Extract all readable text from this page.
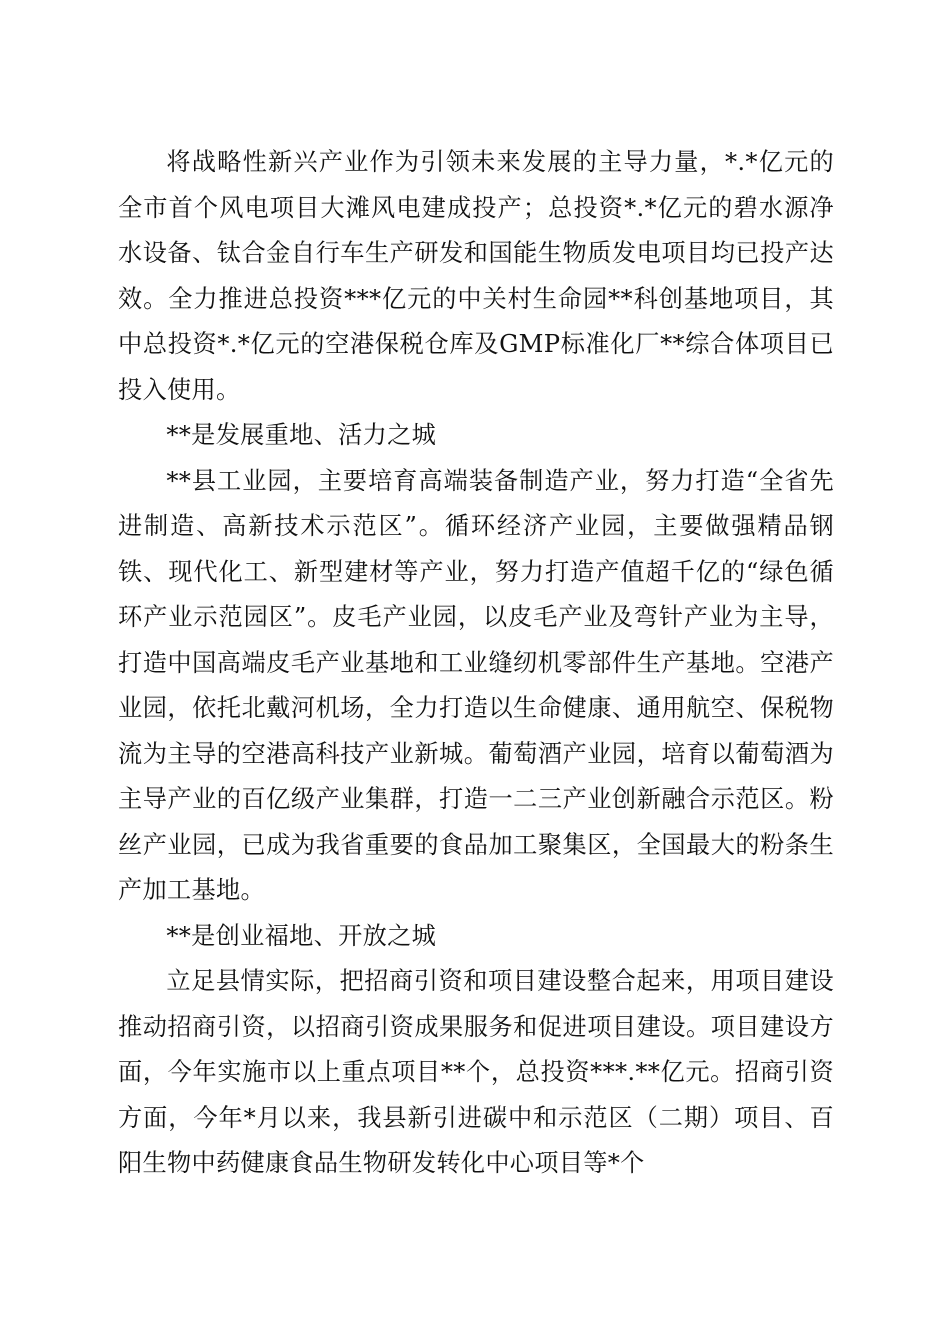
将战略性新兴产业作为引领未来发展的主导力量，*.*亿元的全市首个风电项目大滩风电建成投产；总投资*.*亿元的碧水源净水设备、钛合金自行车生产研发和国能生物质发电项目均已投产达效。全力推进总投资***亿元的中关村生命园**科创基地项目，其中总投资*.*亿元的空港保税仓库及GMP标准化厂**综合体项目已投入使用。

**是发展重地、活力之城

**县工业园，主要培育高端装备制造产业，努力打造“全省先进制造、高新技术示范区”。循环经济产业园，主要做强精品钢铁、现代化工、新型建材等产业，努力打造产值超千亿的“绿色循环产业示范园区”。皮毛产业园，以皮毛产业及弯针产业为主导，打造中国高端皮毛产业基地和工业缝纫机零部件生产基地。空港产业园，依托北戴河机场，全力打造以生命健康、通用航空、保税物流为主导的空港高科技产业新城。葡萄酒产业园，培育以葡萄酒为主导产业的百亿级产业集群，打造一二三产业创新融合示范区。粉丝产业园，已成为我省重要的食品加工聚集区，全国最大的粉条生产加工基地。

**是创业福地、开放之城

立足县情实际，把招商引资和项目建设整合起来，用项目建设推动招商引资，以招商引资成果服务和促进项目建设。项目建设方面，今年实施市以上重点项目**个，总投资***.**亿元。招商引资方面，今年*月以来，我县新引进碳中和示范区（二期）项目、百阳生物中药健康食品生物研发转化中心项目等*个
